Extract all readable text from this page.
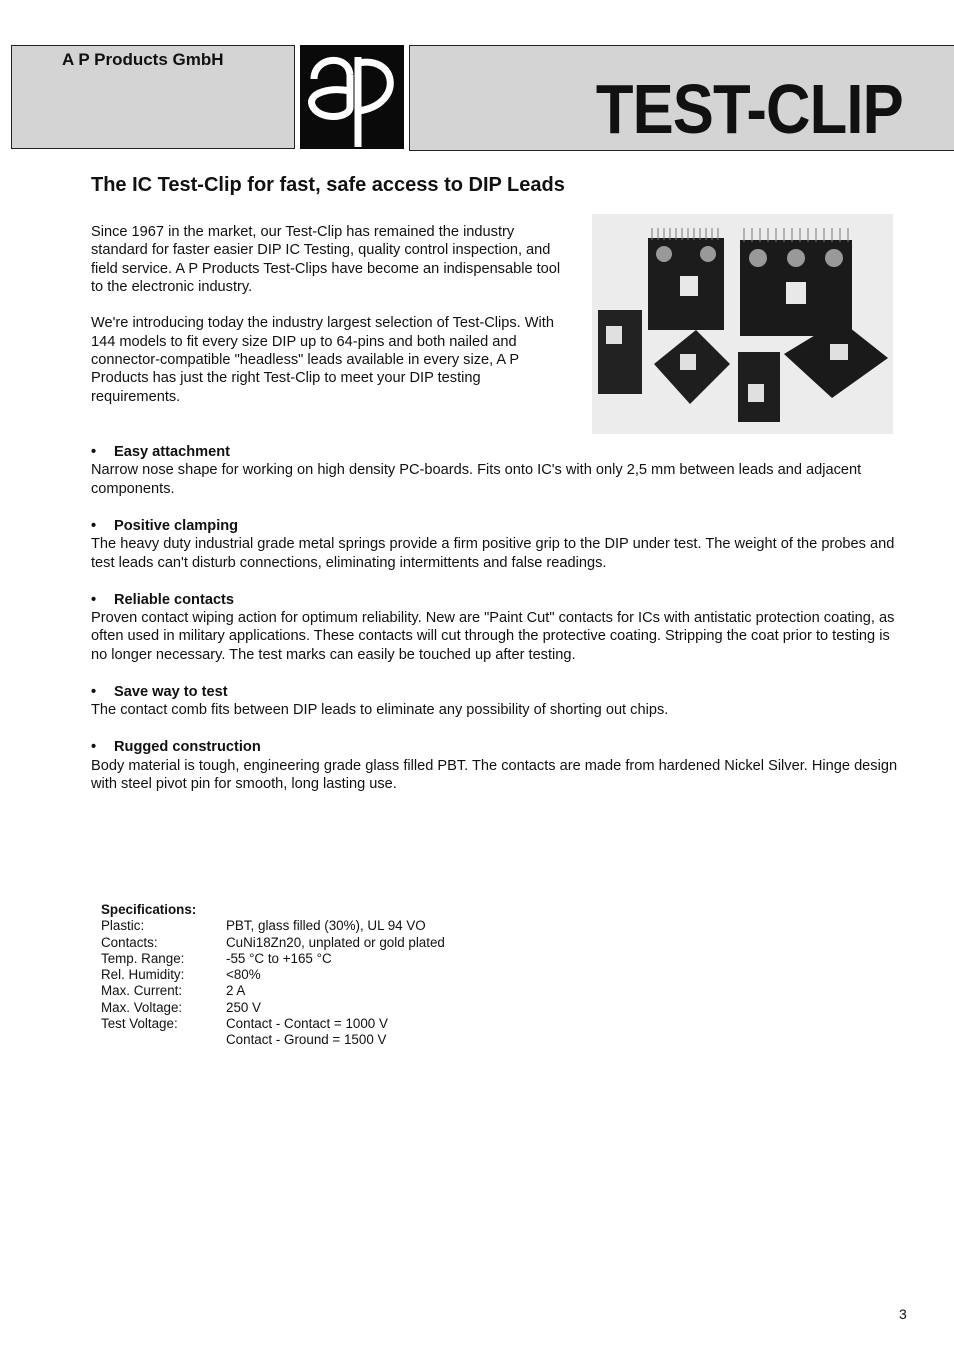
A P Products GmbH
TEST-CLIP
The IC Test-Clip for fast, safe access to DIP Leads

Since 1967 in the market, our Test-Clip has remained the industry standard for faster easier DIP IC Testing, quality control inspection, and field service. A P Products Test-Clips have become an indispensable tool to the electronic industry.

We're introducing today the industry largest selection of Test-Clips. With 144 models to fit every size DIP up to 64-pins and both nailed and connector-compatible "headless" leads available in every size, A P Products has just the right Test-Clip to meet your DIP testing requirements.

• Easy attachment
Narrow nose shape for working on high density PC-boards. Fits onto IC's with only 2,5 mm between leads and adjacent components.
• Positive clamping
The heavy duty industrial grade metal springs provide a firm positive grip to the DIP under test. The weight of the probes and test leads can't disturb connections, eliminating intermittents and false readings.
• Reliable contacts
Proven contact wiping action for optimum reliability. New are "Paint Cut" contacts for ICs with antistatic protection coating, as often used in military applications. These contacts will cut through the protective coating. Stripping the coat prior to testing is no longer necessary. The test marks can easily be touched up after testing.
• Save way to test
The contact comb fits between DIP leads to eliminate any possibility of shorting out chips.
• Rugged construction
Body material is tough, engineering grade glass filled PBT. The contacts are made from hardened Nickel Silver. Hinge design with steel pivot pin for smooth, long lasting use.
Specifications:
Plastic:	PBT, glass filled (30%), UL 94 VO
Contacts:	CuNi18Zn20, unplated or gold plated
Temp. Range:	-55 °C to +165 °C
Rel. Humidity:	<80%
Max. Current:	2 A
Max. Voltage:	250 V
Test Voltage:	Contact - Contact = 1000 V
Contact - Ground = 1500 V
3
